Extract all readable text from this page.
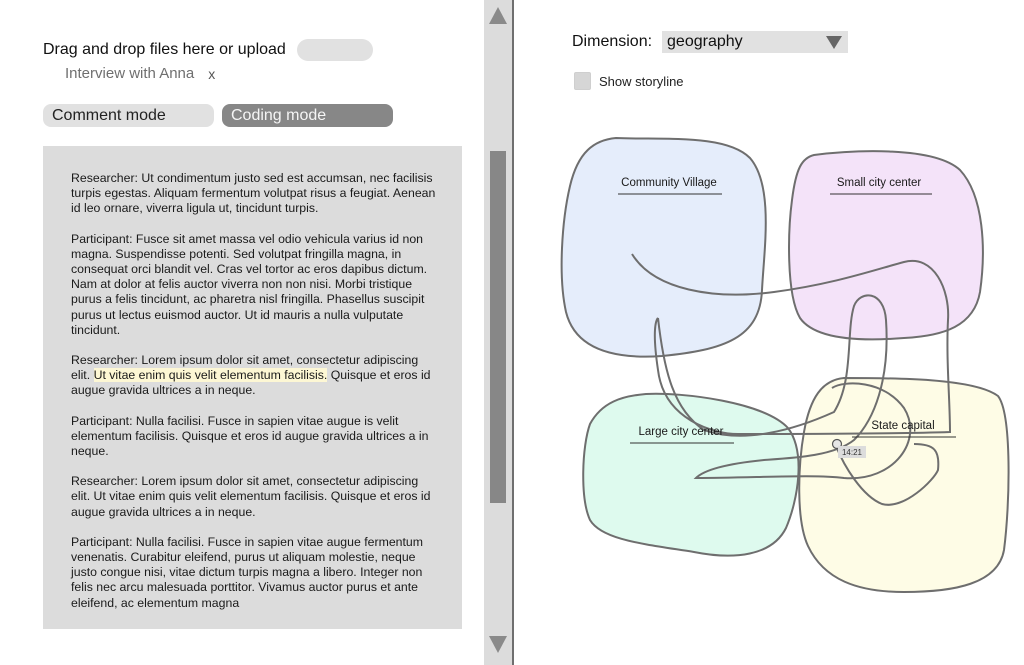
Drag and drop files here or upload
Interview with Anna x
Comment mode	Coding mode

Researcher: Ut condimentum justo sed est accumsan, nec facilisis turpis egestas. Aliquam fermentum volutpat risus a feugiat. Aenean id leo ornare, viverra ligula ut, tincidunt turpis.

Participant: Fusce sit amet massa vel odio vehicula varius id non magna. Suspendisse potenti. Sed volutpat fringilla magna, in consequat orci blandit vel. Cras vel tortor ac eros dapibus dictum. Nam at dolor at felis auctor viverra non non nisi. Morbi tristique purus a felis tincidunt, ac pharetra nisl fringilla. Phasellus suscipit purus ut lectus euismod auctor. Ut id mauris a nulla vulputate tincidunt.

Researcher: Lorem ipsum dolor sit amet, consectetur adipiscing elit. Ut vitae enim quis velit elementum facilisis. Quisque et eros id augue gravida ultrices a in neque.

Participant: Nulla facilisi. Fusce in sapien vitae augue is velit elementum facilisis. Quisque et eros id augue gravida ultrices a in neque.

Researcher: Lorem ipsum dolor sit amet, consectetur adipiscing elit. Ut vitae enim quis velit elementum facilisis. Quisque et eros id augue gravida ultrices a in neque.

Participant: Nulla facilisi. Fusce in sapien vitae augue fermentum venenatis. Curabitur eleifend, purus ut aliquam molestie, neque justo congue nisi, vitae dictum turpis magna a libero. Integer non felis nec arcu malesuada porttitor. Vivamus auctor purus et ante eleifend, ac elementum magna

Dimension: geography
Show storyline
Community Village	Small city center
Large city center	State capital
14:21
